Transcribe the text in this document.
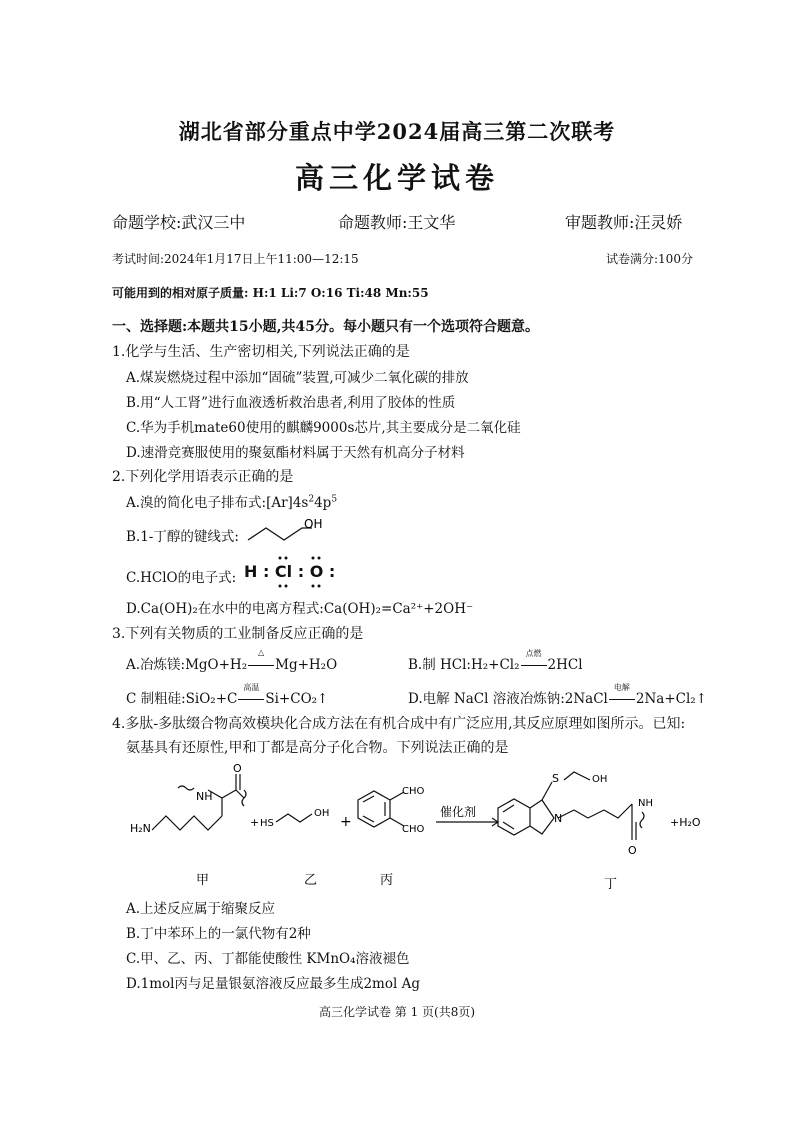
湖北省部分重点中学2024届高三第二次联考
高三化学试卷
命题学校:武汉三中	命题教师:王文华	审题教师:汪灵娇
考试时间:2024年1月17日上午11:00—12:15	试卷满分:100分
可能用到的相对原子质量: H:1 Li:7 O:16 Ti:48 Mn:55
一、选择题:本题共15小题,共45分。每小题只有一个选项符合题意。
1.化学与生活、生产密切相关,下列说法正确的是
A.煤炭燃烧过程中添加“固硫”装置,可减少二氧化碳的排放
B.用“人工肾”进行血液透析救治患者,利用了胶体的性质
C.华为手机mate60使用的麒麟9000s芯片,其主要成分是二氧化硅
D.速滑竞赛服使用的聚氨酯材料属于天然有机高分子材料
2.下列化学用语表示正确的是
A.溴的简化电子排布式$:[Ar]4s^24p^5$
B.1-丁醇的键线式:
OH
C.HClO的电子式: H : Cl : O :
D.Ca(OH)₂在水中的电离方程式:Ca(OH)₂=Ca²⁺+2OH⁻
3.下列有关物质的工业制备反应正确的是
A.冶炼镁:MgO+H₂
△
Mg+H₂O	B.制 HCl:H₂+Cl₂
点燃
2HCl
C 制粗硅:SiO₂+C
高温
Si+CO₂↑	D.电解 NaCl 溶液冶炼钠:2NaCl
电解
2Na+Cl₂↑
4.多肽-多肽缀合物高效模块化合成方法在有机合成中有广泛应用,其反应原理如图所示。已知:
氨基具有还原性,甲和丁都是高分子化合物。下列说法正确的是
H₂N
NH
O
+ HS
OH
+
CHO
CHO
催化剂
S
N
OH
NH
O
+H₂O
甲	乙	丙	丁
A.上述反应属于缩聚反应
B.丁中苯环上的一氯代物有2种
C.甲、乙、丙、丁都能使酸性 KMnO₄溶液褪色
D.1mol丙与足量银氨溶液反应最多生成2mol Ag
高三化学试卷 第 1 页(共8页)
